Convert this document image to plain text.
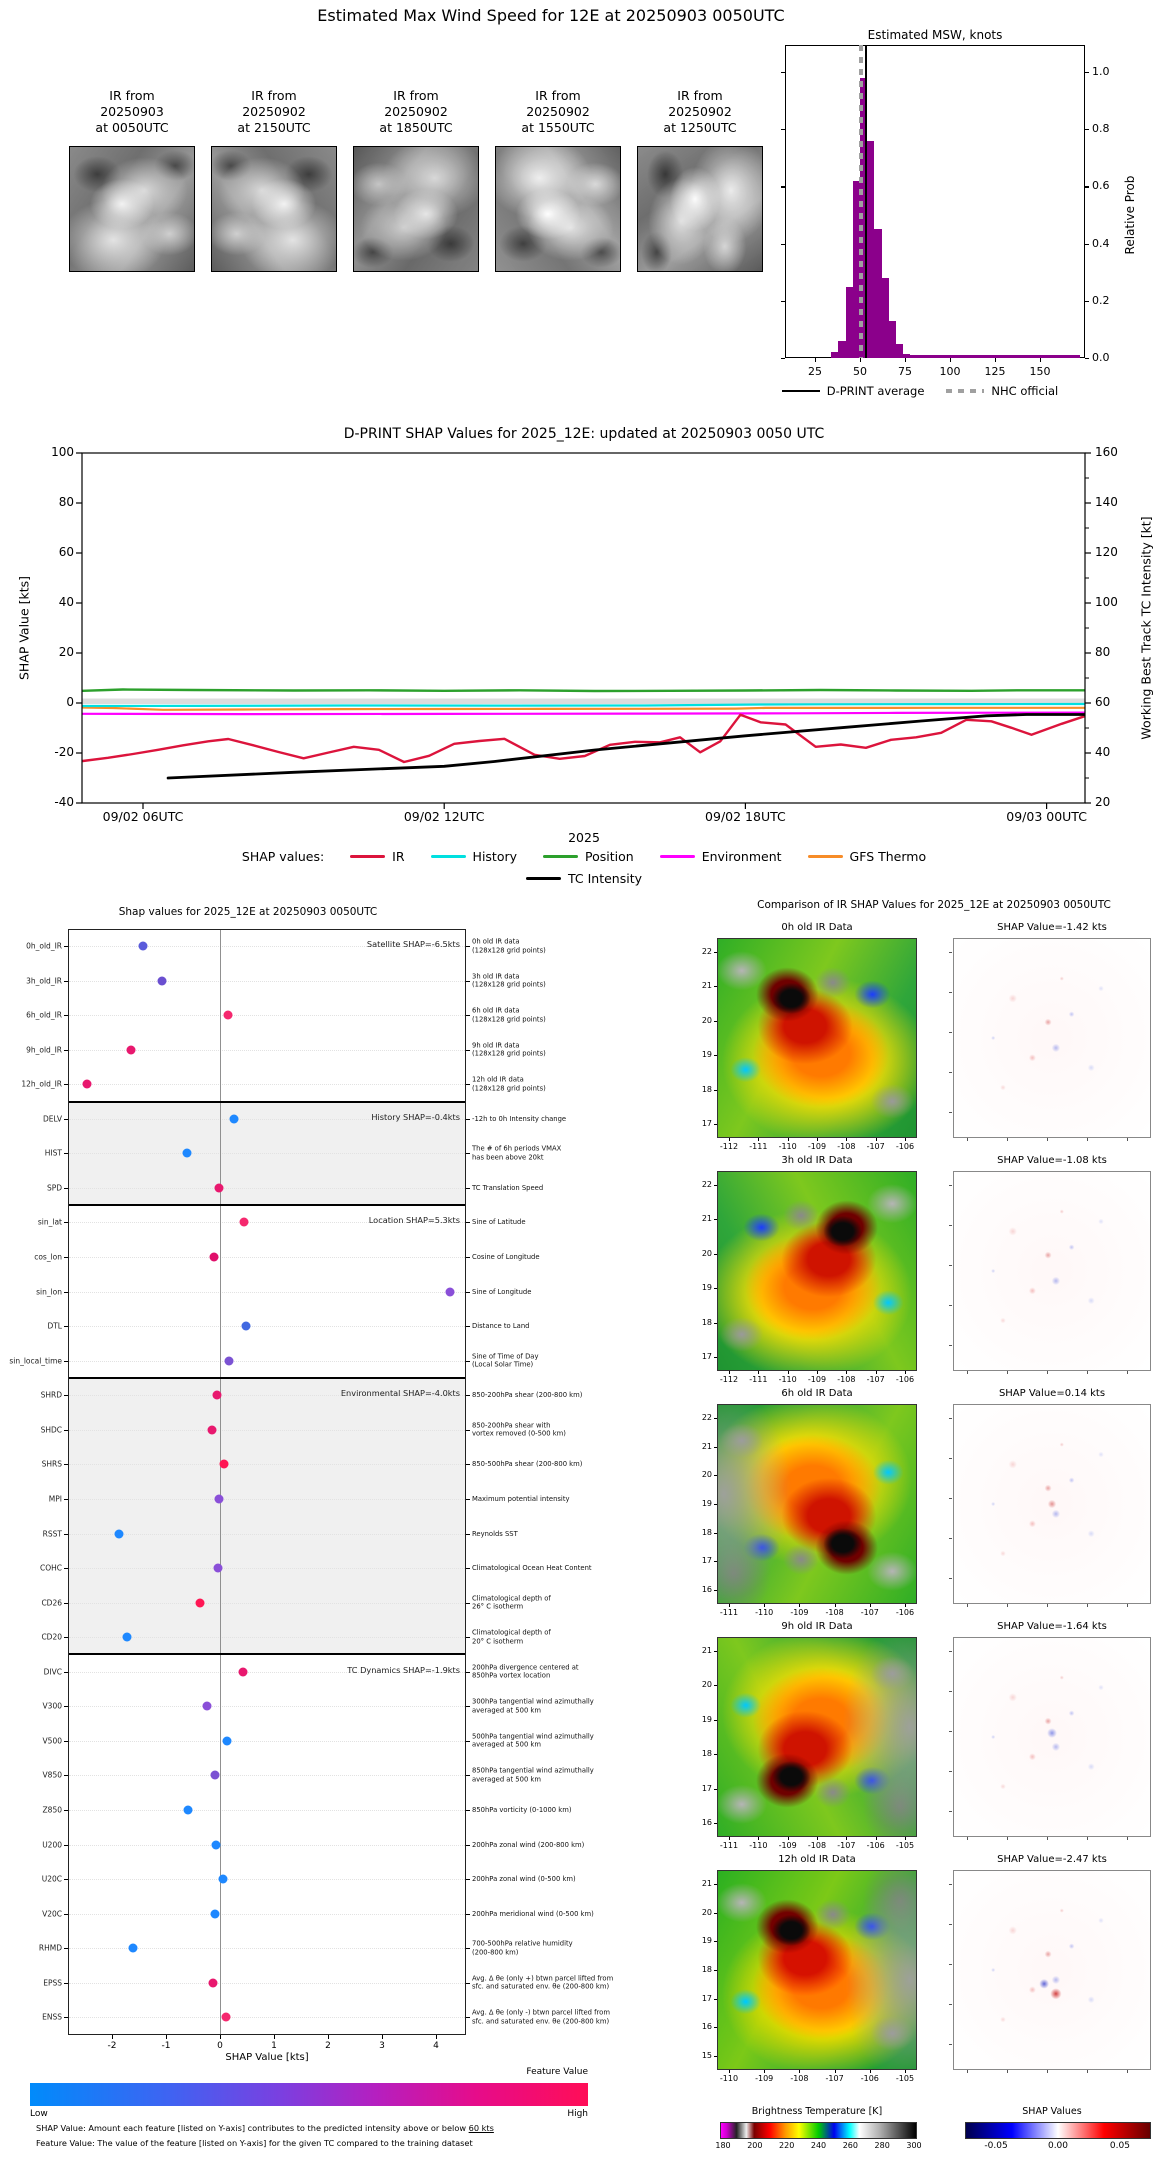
Estimated Max Wind Speed for 12E at 20250903 0050UTC
IR from
20250903
at 0050UTC
IR from
20250902
at 2150UTC
IR from
20250902
at 1850UTC
IR from
20250902
at 1550UTC
IR from
20250902
at 1250UTC
Estimated MSW, knots
Relative Prob
0.0
0.2
0.4
0.6
0.8
1.0
25	50	75	100	125	150
D-PRINT average	NHC official
D-PRINT SHAP Values for 2025_12E: updated at 20250903 0050 UTC
SHAP Value [kts]	Working Best Track TC Intensity [kt]
2025
100
80
60
40
20
0
-20
-40
160
140
120
100
80
60
40
20
09/02 06UTC	09/02 12UTC	09/02 18UTC	09/03 00UTC
SHAP values:	IR	History	Position	Environment	GFS Thermo
TC Intensity
Shap values for 2025_12E at 20250903 0050UTC
SHAP Value [kts]
Low	High
Feature Value
SHAP Value: Amount each feature [listed on Y-axis] contributes to the predicted intensity above or below 60 kts
Feature Value: The value of the feature [listed on Y-axis] for the given TC compared to the training dataset
0h_old_IR	0h old IR data
(128x128 grid points)
Satellite SHAP=-6.5kts
3h_old_IR	3h old IR data
(128x128 grid points)
6h_old_IR	6h old IR data
(128x128 grid points)
9h_old_IR	9h old IR data
(128x128 grid points)
12h_old_IR	12h old IR data
(128x128 grid points)
DELV	-12h to 0h Intensity change
History SHAP=-0.4kts
HIST	The # of 6h periods VMAX
has been above 20kt
SPD	TC Translation Speed
sin_lat	Sine of Latitude
Location SHAP=5.3kts
cos_lon	Cosine of Longitude
sin_lon	Sine of Longitude
DTL	Distance to Land
sin_local_time	Sine of Time of Day
(Local Solar Time)
SHRD	850-200hPa shear (200-800 km)
Environmental SHAP=-4.0kts
SHDC	850-200hPa shear with
vortex removed (0-500 km)
SHRS	850-500hPa shear (200-800 km)
MPI	Maximum potential intensity
RSST	Reynolds SST
COHC	Climatological Ocean Heat Content
CD26	Climatological depth of
26° C isotherm
CD20	Climatological depth of
20° C isotherm
DIVC	200hPa divergence centered at
850hPa vortex location
TC Dynamics SHAP=-1.9kts
V300	300hPa tangential wind azimuthally
averaged at 500 km
V500	500hPa tangential wind azimuthally
averaged at 500 km
V850	850hPa tangential wind azimuthally
averaged at 500 km
Z850	850hPa vorticity (0-1000 km)
U200	200hPa zonal wind (200-800 km)
U20C	200hPa zonal wind (0-500 km)
V20C	200hPa meridional wind (0-500 km)
RHMD	700-500hPa relative humidity
(200-800 km)
EPSS	Avg. Δ θe (only +) btwn parcel lifted from
sfc. and saturated env. θe (200-800 km)
ENSS	Avg. Δ θe (only -) btwn parcel lifted from
sfc. and saturated env. θe (200-800 km)
-2	-1	0	1	2	3	4
Comparison of IR SHAP Values for 2025_12E at 20250903 0050UTC
Brightness Temperature [K]	SHAP Values
0h old IR Data	SHAP Value=-1.42 kts
22
21
20
19
18
17
-112	-111	-110	-109	-108	-107	-106
3h old IR Data	SHAP Value=-1.08 kts
22
21
20
19
18
17
-112	-111	-110	-109	-108	-107	-106
6h old IR Data	SHAP Value=0.14 kts
22
21
20
19
18
17
16
-111	-110	-109	-108	-107	-106
9h old IR Data	SHAP Value=-1.64 kts
21
20
19
18
17
16
-111	-110	-109	-108	-107	-106	-105
12h old IR Data	SHAP Value=-2.47 kts
21
20
19
18
17
16
15
-110	-109	-108	-107	-106	-105
180	200	220	240	260	280	300	-0.05	0.00	0.05
